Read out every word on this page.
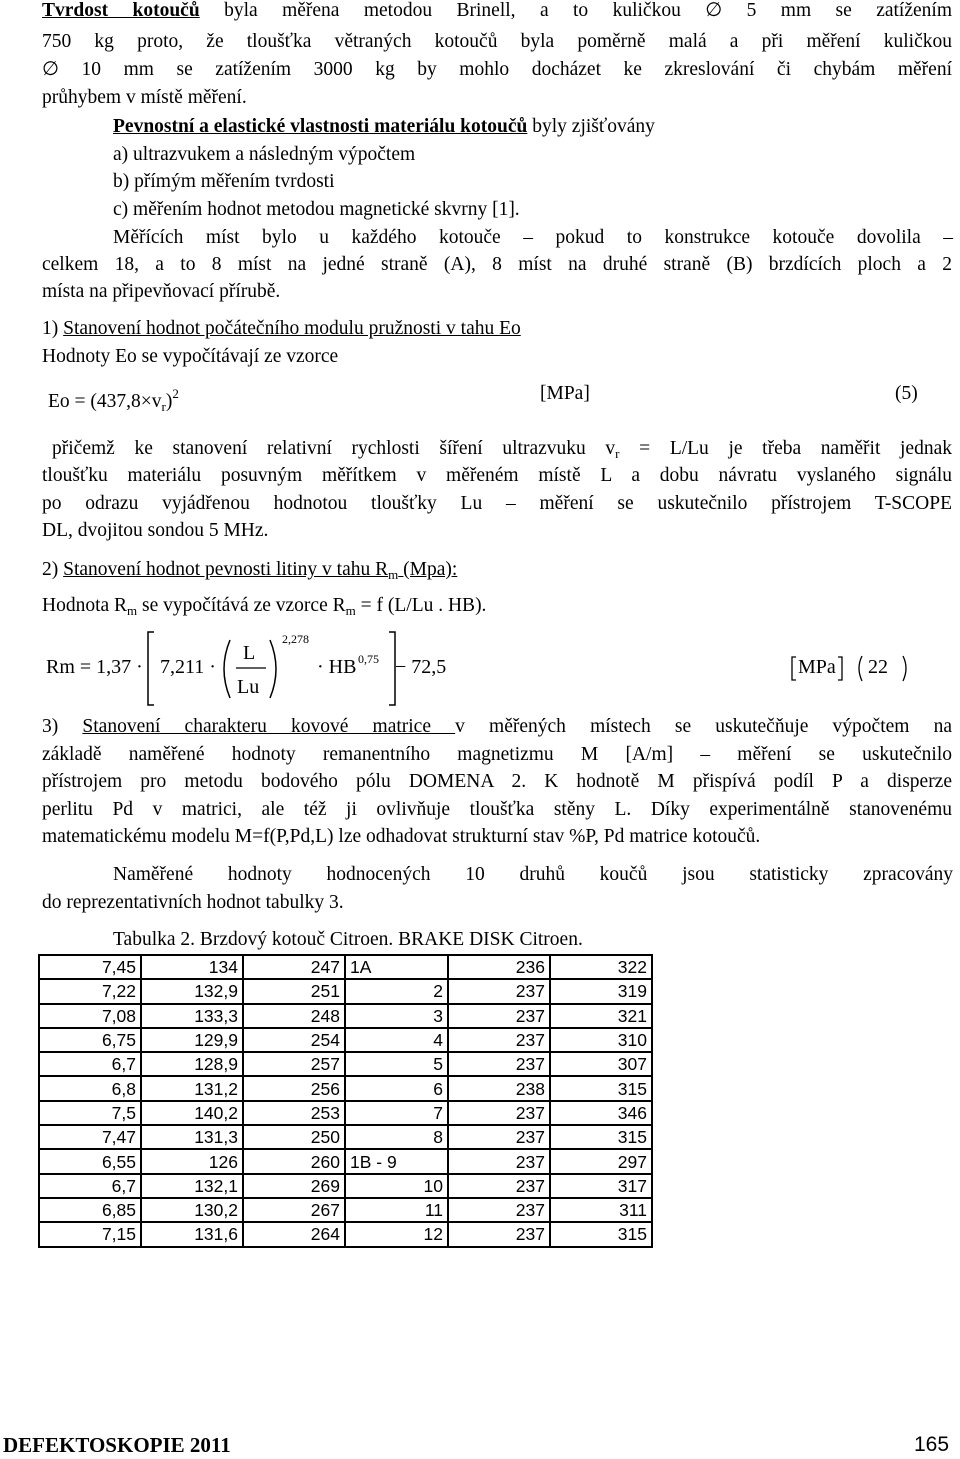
Tvrdost kotoučů byla měřena metodou Brinell, a to kuličkou ∅ 5 mm se zatížením
750 kg proto, že tloušťka větraných kotoučů byla poměrně malá a při měření kuličkou
∅ 10 mm se zatížením 3000 kg by mohlo docházet ke zkreslování či chybám měření
průhybem v místě měření.
Pevnostní a elastické vlastnosti materiálu kotoučů byly zjišťovány
a) ultrazvukem a následným výpočtem
b) přímým měřením tvrdosti
c) měřením hodnot metodou magnetické skvrny [1].
Měřících míst bylo u každého kotouče – pokud to konstrukce kotouče dovolila –
celkem 18, a to 8 míst na jedné straně (A), 8 míst na druhé straně (B) brzdících ploch a 2
místa na připevňovací přírubě.
1) Stanovení hodnot počátečního modulu pružnosti v tahu Eo
Hodnoty Eo se vypočítávají ze vzorce
$Eo = (437,8\times v_r)^2$	[MPa]	(5)
přičemž ke stanovení relativní rychlosti šíření ultrazvuku $v_r = L/Lu$ je třeba naměřit jednak
tloušťku materiálu posuvným měřítkem v měřeném místě L a dobu návratu vyslaného signálu
po odrazu vyjádřenou hodnotou tloušťky Lu – měření se uskutečnilo přístrojem T-SCOPE
DL, dvojitou sondou 5 MHz.
2) Stanovení hodnot pevnosti litiny v tahu $R_m$ (Mpa):
Hodnota $R_m$ se vypočítává ze vzorce $R_m = f$ (L/Lu . HB).
Rm = 1,37 · 7,211 ·
L
Lu
2,278
· HB 0,75 − 72,5	MPa 22
3) Stanovení charakteru kovové matrice v měřených místech se uskutečňuje výpočtem na
základě naměřené hodnoty remanentního magnetizmu M [A/m] – měření se uskutečnilo
přístrojem pro metodu bodového pólu DOMENA 2. K hodnotě M přispívá podíl P a disperze
perlitu Pd v matrici, ale též ji ovlivňuje tloušťka stěny L. Díky experimentálně stanovenému
matematickému modelu M=f(P,Pd,L) lze odhadovat strukturní stav %P, Pd matrice kotoučů.
Naměřené hodnoty hodnocených 10 druhů koučů jsou statisticky zpracovány
do reprezentativních hodnot tabulky 3.
Tabulka 2. Brzdový kotouč Citroen. BRAKE DISK Citroen.
7,45	134	247	1A	236	322
7,22	132,9	251	2	237	319
7,08	133,3	248	3	237	321
6,75	129,9	254	4	237	310
6,7	128,9	257	5	237	307
6,8	131,2	256	6	238	315
7,5	140,2	253	7	237	346
7,47	131,3	250	8	237	315
6,55	126	260	1B - 9	237	297
6,7	132,1	269	10	237	317
6,85	130,2	267	11	237	311
7,15	131,6	264	12	237	315
DEFEKTOSKOPIE 2011	165
